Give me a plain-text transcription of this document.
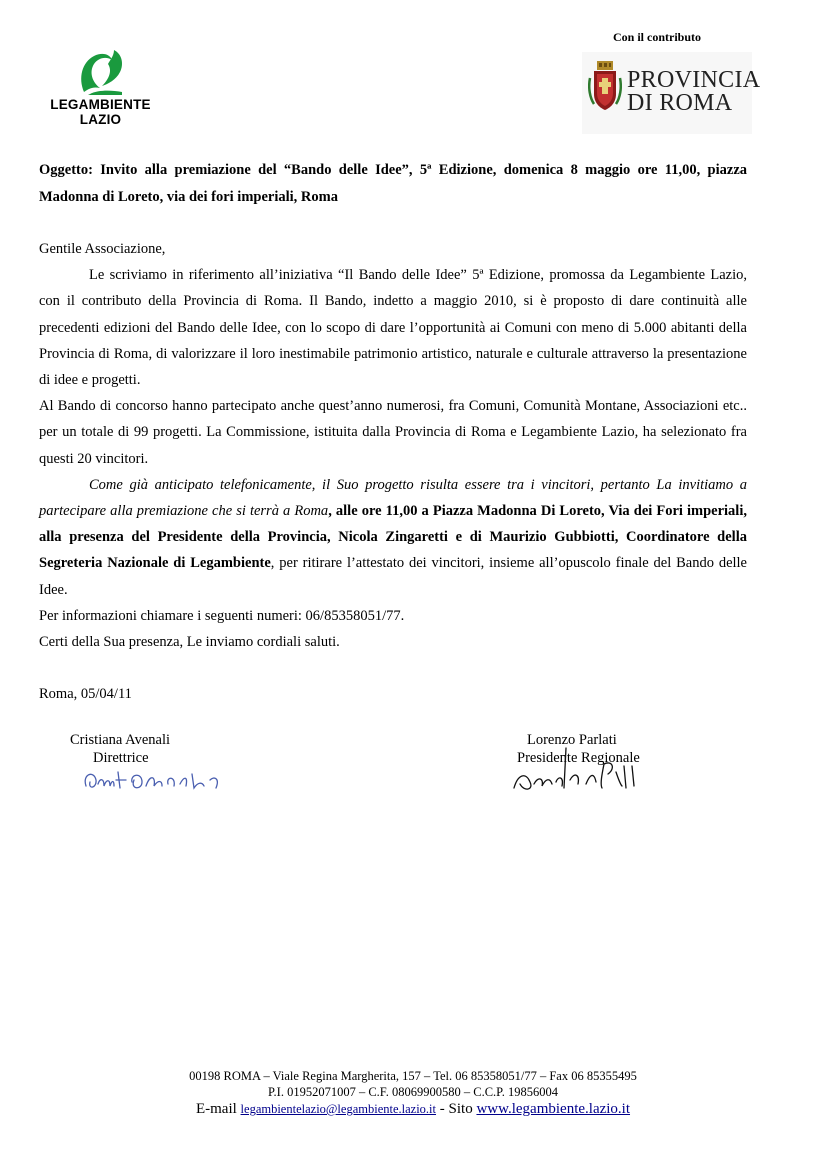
LEGAMBIENTE
LAZIO
Con il contributo
PROVINCIA
DI ROMA
Oggetto: Invito alla premiazione del “Bando delle Idee”, 5ª Edizione, domenica 8 maggio ore 11,00, piazza Madonna di Loreto, via dei fori imperiali, Roma

Gentile Associazione,

Le scriviamo in riferimento all’iniziativa “Il Bando delle Idee” 5ª Edizione, promossa da Legambiente Lazio, con il contributo della Provincia di Roma. Il Bando, indetto a maggio 2010, si è proposto di dare continuità alle precedenti edizioni del Bando delle Idee, con lo scopo di dare l’opportunità ai Comuni con meno di 5.000 abitanti della Provincia di Roma, di valorizzare il loro inestimabile patrimonio artistico, naturale e culturale attraverso la presentazione di idee e progetti.

Al Bando di concorso hanno partecipato anche quest’anno numerosi, fra Comuni, Comunità Montane, Associazioni etc.. per un totale di 99 progetti. La Commissione, istituita dalla Provincia di Roma e Legambiente Lazio, ha selezionato fra questi 20 vincitori.

Come già anticipato telefonicamente, il Suo progetto risulta essere tra i vincitori, pertanto La invitiamo a partecipare alla premiazione che si terrà a Roma, alle ore 11,00 a Piazza Madonna Di Loreto, Via dei Fori imperiali, alla presenza del Presidente della Provincia, Nicola Zingaretti e di Maurizio Gubbiotti, Coordinatore della Segreteria Nazionale di Legambiente, per ritirare l’attestato dei vincitori, insieme all’opuscolo finale del Bando delle Idee.

Per informazioni chiamare i seguenti numeri: 06/85358051/77.

Certi della Sua presenza, Le inviamo cordiali saluti.

Roma, 05/04/11

Cristiana Avenali
Direttrice
Lorenzo Parlati
Presidente Regionale
00198 ROMA – Viale Regina Margherita, 157 – Tel. 06 85358051/77 – Fax 06 85355495
P.I. 01952071007 – C.F. 08069900580 – C.C.P. 19856004
E-mail legambientelazio@legambiente.lazio.it - Sito www.legambiente.lazio.it
